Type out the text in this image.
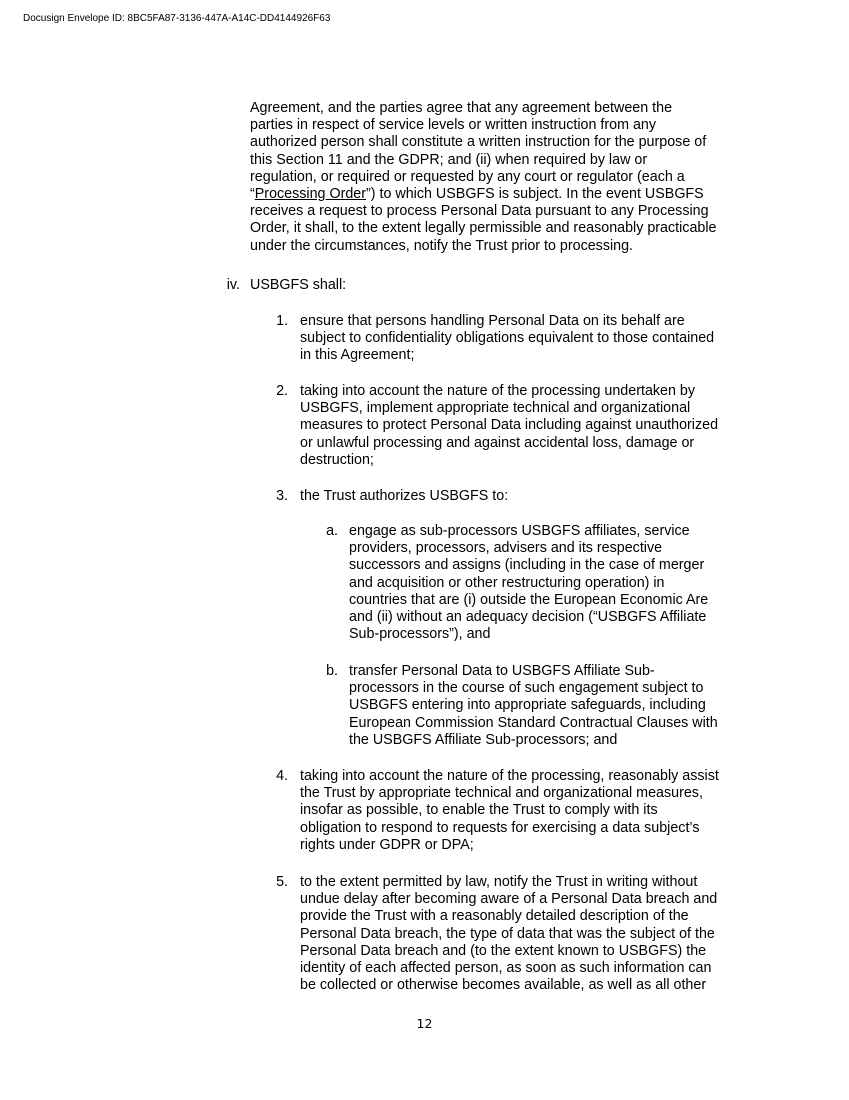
Docusign Envelope ID: 8BC5FA87-3136-447A-A14C-DD4144926F63

Agreement, and the parties agree that any agreement between the
parties in respect of service levels or written instruction from any
authorized person shall constitute a written instruction for the purpose of
this Section 11 and the GDPR; and (ii) when required by law or
regulation, or required or requested by any court or regulator (each a
“Processing Order”) to which USBGFS is subject. In the event USBGFS
receives a request to process Personal Data pursuant to any Processing
Order, it shall, to the extent legally permissible and reasonably practicable
under the circumstances, notify the Trust prior to processing.

iv. USBGFS shall:

1. ensure that persons handling Personal Data on its behalf are
subject to confidentiality obligations equivalent to those contained
in this Agreement;

2. taking into account the nature of the processing undertaken by
USBGFS, implement appropriate technical and organizational
measures to protect Personal Data including against unauthorized
or unlawful processing and against accidental loss, damage or
destruction;

3. the Trust authorizes USBGFS to:

a. engage as sub-processors USBGFS affiliates, service
providers, processors, advisers and its respective
successors and assigns (including in the case of merger
and acquisition or other restructuring operation) in
countries that are (i) outside the European Economic Are
and (ii) without an adequacy decision (“USBGFS Affiliate
Sub-processors”), and

b. transfer Personal Data to USBGFS Affiliate Sub-
processors in the course of such engagement subject to
USBGFS entering into appropriate safeguards, including
European Commission Standard Contractual Clauses with
the USBGFS Affiliate Sub-processors; and

4. taking into account the nature of the processing, reasonably assist
the Trust by appropriate technical and organizational measures,
insofar as possible, to enable the Trust to comply with its
obligation to respond to requests for exercising a data subject’s
rights under GDPR or DPA;

5. to the extent permitted by law, notify the Trust in writing without
undue delay after becoming aware of a Personal Data breach and
provide the Trust with a reasonably detailed description of the
Personal Data breach, the type of data that was the subject of the
Personal Data breach and (to the extent known to USBGFS) the
identity of each affected person, as soon as such information can
be collected or otherwise becomes available, as well as all other

12
